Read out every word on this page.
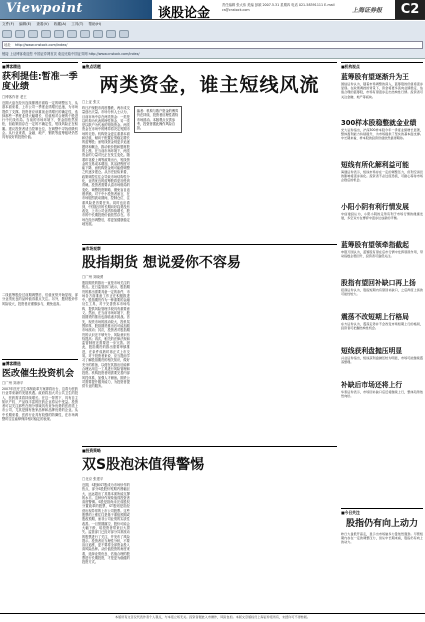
Viewpoint	谈股论金
责任编辑 张大伟 美编 彭颖 2007.5.31 星期四 电话 021-58391111 E-mail cs@cnstock.com	上海证券报	C2
文件(F) 编辑(E) 查看(V) 收藏(A) 工具(T) 帮助(H)
地址 http://www.cnstock.com/index/
链接 上证博客欢迎您 中国证券网首页 欢迎光临中国证券网 http://www.cnstock.com/index/
■博客精选
获利提佳:暂准一季度业绩
□博客作者 老王
近期大盘在经历连续暴涨后面临一定的调整压力，从基本面来看，上市公司一季度业绩增长迅速，为市场提供了支撑。投资者应该重视业绩增长的确定性，选择那些一季度业绩大幅增长、估值相对合理的个股进行中长线布局。当前的市场环境下，资金面依然宽松，但政策面存在一定的不确定性，短线风险正在积累。建议投资者适当控制仓位，在调整中寻找低吸机会。从行业来看，金融、地产、钢铁等蓝筹板块仍然具有较好的投资价值。
二线蓝筹股经过前期调整后，估值优势开始显现，部分业绩优良的品种值得重点关注。另外，题材股炒作风险较大，投资者应谨慎参与，避免追高。
■博客精选
医改催生投资机会
□广州 刘涛平
2007年医疗卫生体制改革方案即将出台，这将为医药行业带来新的发展机遇。政府将加大对公共卫生的投入，医药需求将持续增长。在这一背景下，具有自主知识产权、产品线丰富的医药企业将从中受益。投资者可以关注那些在细分领域具有竞争优势的医药类上市公司，尤其是拥有独家品种和品牌优势的企业。从中长期来看，医药行业具有较强的防御性，在市场调整时往往能够保持相对稳定的表现。
■焦点话题
两类资金，谁主短线风流
□上证 张文
昨日沪深股市再度暴跌，两市成交量创出天量。市场分析人士认为，目前市场中存在两类资金：一类是以机构为代表的理性资金，另一类是以散户为代表的短线资金。两类资金在市场中的博弈将决定短期市场的走势。机构资金更注重基本面和估值，倾向于配置业绩稳定增长的蓝筹股；而短线资金则更多追逐题材和概念，推动低价股和题材股的上涨。在当前市场环境下，两类资金的力量对比正在发生变化。随着印花税上调等政策出台，短线资金的交易成本增加，其活跃程度可能下降，而机构资金则可能借调整之机逐步建仓。从历史经验来看，政策调控往往会导致市场结构性分化，业绩优良的蓝筹股将更加受到青睐。投资者需要认清市场格局的变化，调整投资策略，避免盲目追涨杀跌。对于中小投资者而言，在市场剧烈波动期间，控制仓位、注重风险是首要任务。同时也应看到，中国经济的长期向好趋势没有改变，上市公司业绩持续增长，股市的中长期投资价值依然存在。市场在经历调整后，将更加健康稳定地发展。
编者：机构与散户资金的博弈仍在持续，投资者应理性看待市场波动。本版观点仅供参考，投资者据此操作风险自担。
■市场观察
股指期货 想说爱你不容易
□广州 刘晓勇
股指期货的推出一直是市场关注的焦点。近日监管部门表示，股指期货的推出需要具备一定的条件，市场各方面准备工作正在积极推进中。股指期货作为一种重要的金融衍生工具，对于完善资本市场结构、提供风险管理手段具有重要意义。然而，在当前市场环境下，股指期货的推出也面临诸多挑战。首先，现货市场的波动较大，投机氛围浓厚，股指期货推出后可能加剧市场波动；其次，投资者对股指期货的认识还不够充分，风险意识有待提高；再次，相关的法律法规和监管制度还需要进一步完善。因此，股指期货的推出需要审慎推进，在条件成熟时再正式上市交易。对于投资者来说，应当提前学习了解股指期货的相关知识，做好充分的准备，以便在其推出后能够合理运用这一工具进行风险管理和投资。机构投资者则需要完善内部风控体系，加强人才储备。期货公司需要提升服务能力，为投资者提供专业的服务。
■投资策略
双S股泡沫值得警惕
□北京 张建平
近期，S股和ST股成为市场炒作的热点，部分S股股价短期内涨幅巨大，远远超出了其基本面所能支撑的水平。这种炒作现象值得投资者高度警惕。S股是指尚未完成股权分置改革的股票，ST股则是指经营出现异常的上市公司股票。这些股票的上涨往往是基于重组预期或股改预期，而非公司业绩的实质性改善。一旦预期落空，股价可能会大幅下跌，给投资者带来巨大损失。监管部门已经对部分异常波动的股票进行了关注，并发布了风险提示。投资者应当理性分析，不要盲目追涨，更不要将全部资金投入高风险品种。从价值投资的角度来看，选择业绩优良、估值合理的股票进行长期投资，才是更为稳健的投资方式。
■机构视点
蓝筹股有望逐渐升为王
国信证券认为，随着市场调整的深入，蓝筹股的价值将逐步显现。在政策调控的背景下，资金将更多流向业绩稳定、估值合理的蓝筹股，市场有望逐步走出结构性行情。投资者可关注金融、地产等板块。
300样本股稳整就金业绩
光大证券指出，沪深300样本股今年一季度业绩增长显著，整体盈利能力持续提升，为市场提供了坚实的基本面支撑。中长期来看，样本股的投资价值依然值得期待。
短线有所化解利益可能
海通证券表示，短线市场存在一定的调整压力，但利空消息的影响将逐步消化。投资者不必过度恐慌，可耐心等待市场企稳后的机会。
小阳小阴有利行情发展
中信建投认为，小阳小阴的走势有利于市场行情的健康发展，多空双方在博弈中逐步达成新的平衡。
蓝筹股有望领牵指截起
申银万国认为，蓝筹股有望在后市行情中发挥领涨作用，带动指数企稳回升，投资者可逢低关注。
股指有望回补缺口再上扬
招商证券认为，股指短期内有望回补缺口，之后再度上扬的可能性较大。
震荡不改短期上行格局
东方证券认为，震荡走势并不会改变市场短期上行的格局，投资者可把握结构性机会。
短线获利盘抛压明显
兴业证券指出，短线获利盘抛压较为明显，市场可能继续震荡整理。
补缺后市场还将上行
华泰证券表示，市场回补缺口后还将继续上行，整体趋势依然向好。
■今日关注
股指仍有向上动力
昨日大盘低开高走，显示出市场做多力量依然强劲。尽管短期内存在一定的调整压力，但从中长期来看，股指仍有向上的动力。
本版所有文章仅代表作者个人观点，与本报立场无关。投资者据此入市操作，风险自担。本版文章版权归上海证券报所有，未经许可不得转载。
